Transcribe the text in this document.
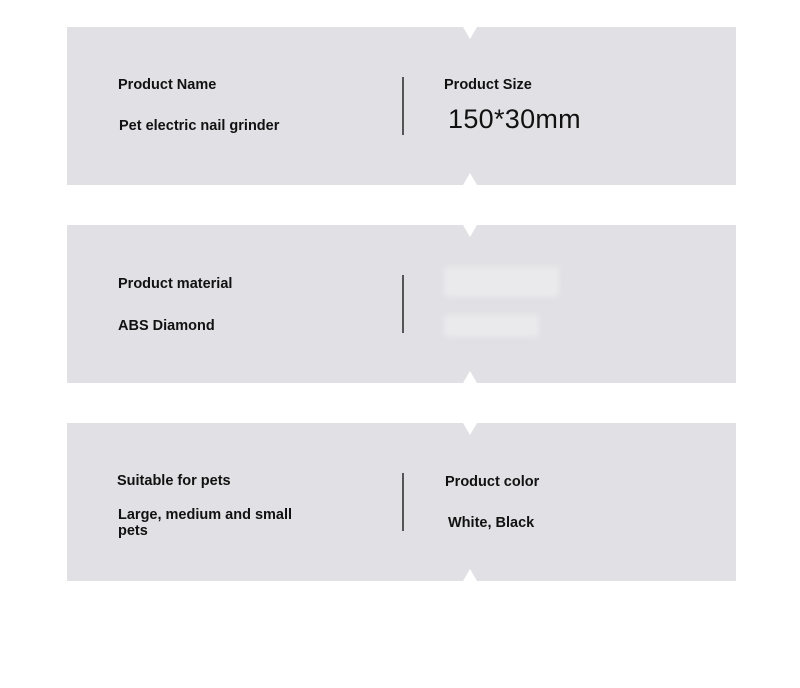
Product Name
Pet electric nail grinder
Product Size
150*30mm
Product material
ABS Diamond
Suitable for pets
Large, medium and small pets
Product color
White, Black
